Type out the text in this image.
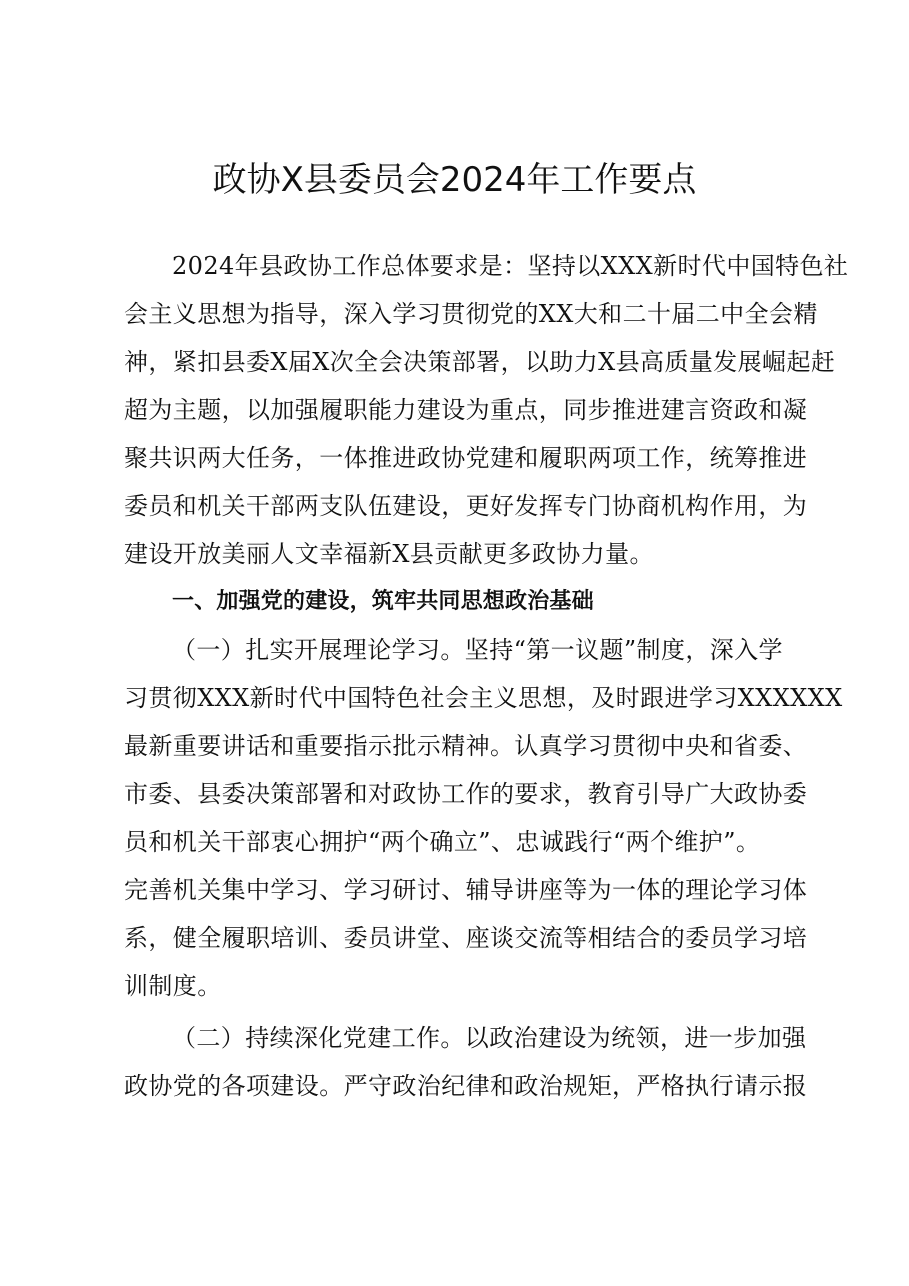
政协X县委员会2024年工作要点

2024年县政协工作总体要求是：坚持以XXX新时代中国特色社
会主义思想为指导，深入学习贯彻党的XX大和二十届二中全会精
神，紧扣县委X届X次全会决策部署，以助力X县高质量发展崛起赶
超为主题，以加强履职能力建设为重点，同步推进建言资政和凝
聚共识两大任务，一体推进政协党建和履职两项工作，统筹推进
委员和机关干部两支队伍建设，更好发挥专门协商机构作用，为
建设开放美丽人文幸福新X县贡献更多政协力量。

一、加强党的建设，筑牢共同思想政治基础

（一）扎实开展理论学习。坚持“第一议题”制度，深入学
习贯彻XXX新时代中国特色社会主义思想，及时跟进学习XXXXXX
最新重要讲话和重要指示批示精神。认真学习贯彻中央和省委、
市委、县委决策部署和对政协工作的要求，教育引导广大政协委
员和机关干部衷心拥护“两个确立”、忠诚践行“两个维护”。
完善机关集中学习、学习研讨、辅导讲座等为一体的理论学习体
系，健全履职培训、委员讲堂、座谈交流等相结合的委员学习培
训制度。

（二）持续深化党建工作。以政治建设为统领，进一步加强
政协党的各项建设。严守政治纪律和政治规矩，严格执行请示报
